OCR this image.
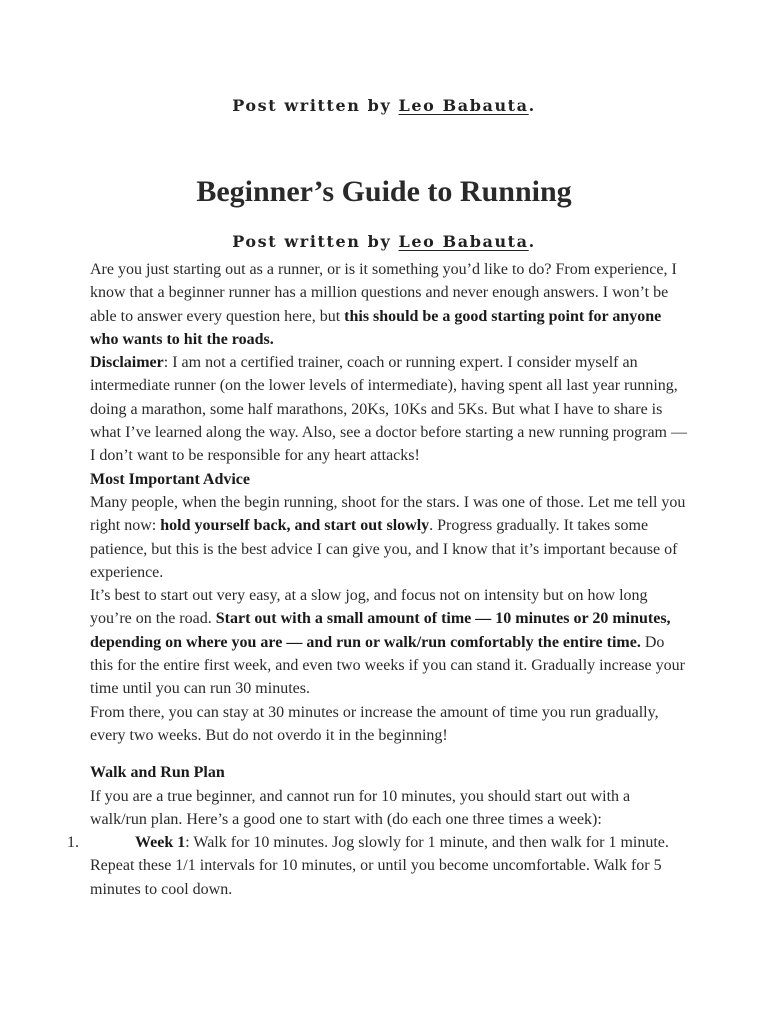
Post written by Leo Babauta.
Beginner’s Guide to Running
Post written by Leo Babauta.

Are you just starting out as a runner, or is it something you’d like to do? From experience, I know that a beginner runner has a million questions and never enough answers. I won’t be able to answer every question here, but this should be a good starting point for anyone who wants to hit the roads.

Disclaimer: I am not a certified trainer, coach or running expert. I consider myself an intermediate runner (on the lower levels of intermediate), having spent all last year running, doing a marathon, some half marathons, 20Ks, 10Ks and 5Ks. But what I have to share is what I’ve learned along the way. Also, see a doctor before starting a new running program — I don’t want to be responsible for any heart attacks!

Most Important Advice

Many people, when the begin running, shoot for the stars. I was one of those. Let me tell you right now: hold yourself back, and start out slowly. Progress gradually. It takes some patience, but this is the best advice I can give you, and I know that it’s important because of experience.

It’s best to start out very easy, at a slow jog, and focus not on intensity but on how long you’re on the road. Start out with a small amount of time — 10 minutes or 20 minutes, depending on where you are — and run or walk/run comfortably the entire time. Do this for the entire first week, and even two weeks if you can stand it. Gradually increase your time until you can run 30 minutes.

From there, you can stay at 30 minutes or increase the amount of time you run gradually, every two weeks. But do not overdo it in the beginning!

Walk and Run Plan

If you are a true beginner, and cannot run for 10 minutes, you should start out with a walk/run plan. Here’s a good one to start with (do each one three times a week):

1.	Week 1: Walk for 10 minutes. Jog slowly for 1 minute, and then walk for 1 minute. Repeat these 1/1 intervals for 10 minutes, or until you become uncomfortable. Walk for 5 minutes to cool down.
